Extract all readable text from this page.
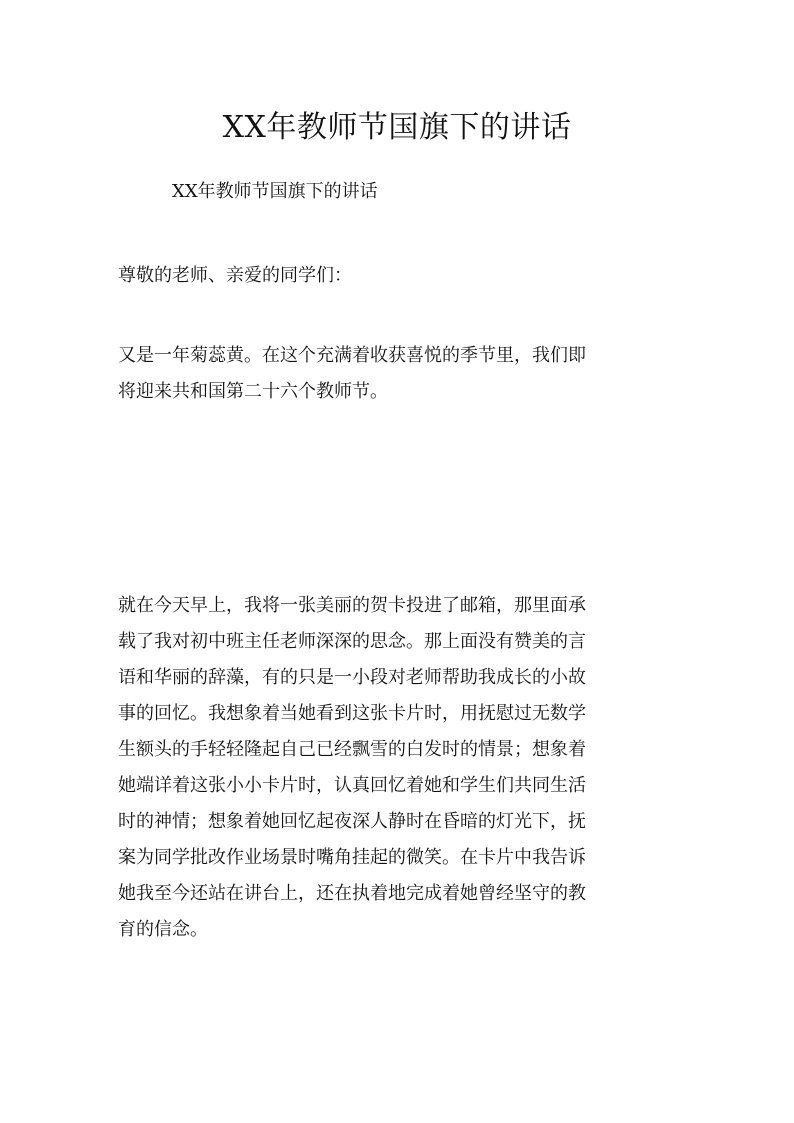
XX年教师节国旗下的讲话

XX年教师节国旗下的讲话

尊敬的老师、亲爱的同学们：

又是一年菊蕊黄。在这个充满着收获喜悦的季节里，我们即
将迎来共和国第二十六个教师节。
就在今天早上，我将一张美丽的贺卡投进了邮箱，那里面承
载了我对初中班主任老师深深的思念。那上面没有赞美的言
语和华丽的辞藻，有的只是一小段对老师帮助我成长的小故
事的回忆。我想象着当她看到这张卡片时，用抚慰过无数学
生额头的手轻轻隆起自己已经飘雪的白发时的情景；想象着
她端详着这张小小卡片时，认真回忆着她和学生们共同生活
时的神情；想象着她回忆起夜深人静时在昏暗的灯光下，抚
案为同学批改作业场景时嘴角挂起的微笑。在卡片中我告诉
她我至今还站在讲台上，还在执着地完成着她曾经坚守的教
育的信念。
